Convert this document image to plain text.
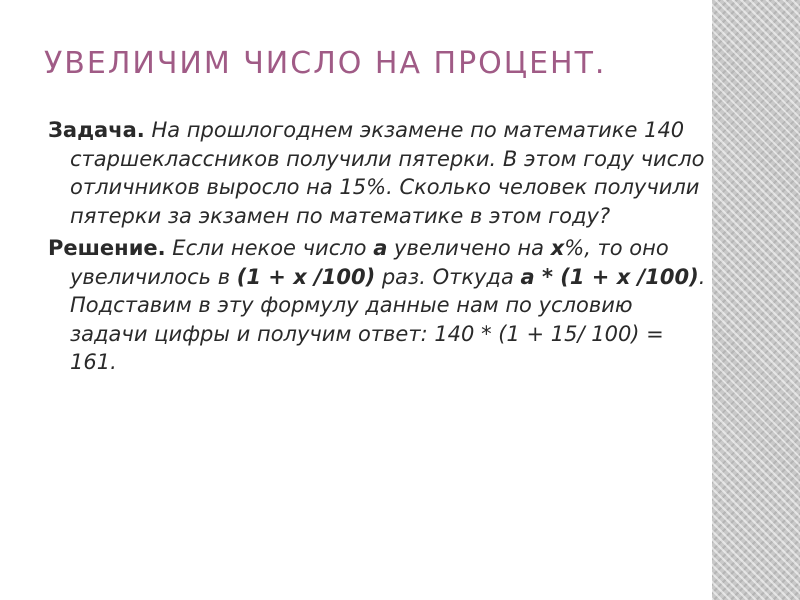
УВЕЛИЧИМ ЧИСЛО НА ПРОЦЕНТ.

Задача. На прошлогоднем экзамене по математике 140 старшеклассников получили пятерки. В этом году число отличников выросло на 15%. Сколько человек получили пятерки за экзамен по математике в этом году?

Решение. Если некое число а увеличено на х%, то оно увеличилось в (1 + х /100) раз. Откуда а * (1 + х /100). Подставим в эту формулу данные нам по условию задачи цифры и получим ответ: 140 * (1 + 15/ 100) = 161.
